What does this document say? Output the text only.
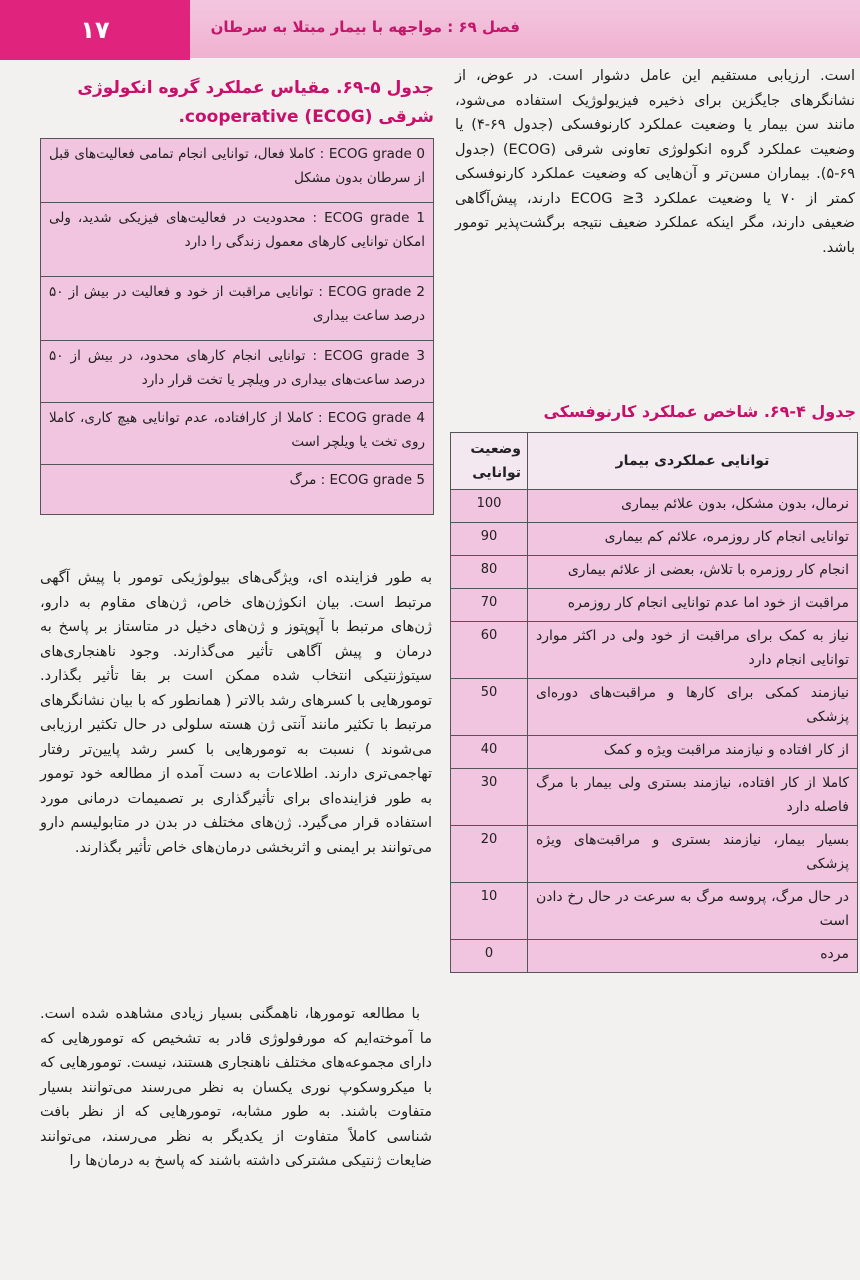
فصل ۶۹ : مواجهه با بیمار مبتلا به سرطان
۱۷
است. ارزیابی مستقیم این عامل دشوار است. در عوض، از نشانگرهای جایگزین برای ذخیره فیزیولوژیک استفاده می‌شود، مانند سن بیمار یا وضعیت عملکرد کارنوفسکی (جدول ۶۹-۴) یا وضعیت عملکرد گروه انکولوژی تعاونی شرقی (ECOG) (جدول ۶۹-۵). بیماران مسن‌تر و آن‌هایی که وضعیت عملکرد کارنوفسکی کمتر از ۷۰ یا وضعیت عملکرد ECOG ≥3 دارند، پیش‌آگاهی ضعیفی دارند، مگر اینکه عملکرد ضعیف نتیجه برگشت‌پذیر تومور باشد.
جدول ۵-۶۹. مقیاس عملکرد گروه انکولوژی
شرقی (ECOG) cooperative.
ECOG grade 0 : کاملا فعال، توانایی انجام تمامی فعالیت‌های قبل از سرطان بدون مشکل
ECOG grade 1 : محدودیت در فعالیت‌های فیزیکی شدید، ولی امکان توانایی کارهای معمول زندگی را دارد
ECOG grade 2 : توانایی مراقبت از خود و فعالیت در بیش از ۵۰ درصد ساعت بیداری
ECOG grade 3 : توانایی انجام کارهای محدود، در بیش از ۵۰ درصد ساعت‌های بیداری در ویلچر یا تخت قرار دارد
ECOG grade 4 : کاملا از کارافتاده، عدم توانایی هیچ کاری، کاملا روی تخت یا ویلچر است
ECOG grade 5 : مرگ
جدول ۴-۶۹. شاخص عملکرد کارنوفسکی
وضعیت توانایی	توانایی عملکردی بیمار
100	نرمال، بدون مشکل، بدون علائم بیماری
90	توانایی انجام کار روزمره، علائم کم بیماری
80	انجام کار روزمره با تلاش، بعضی از علائم بیماری
70	مراقبت از خود اما عدم توانایی انجام کار روزمره
60	نیاز به کمک برای مراقبت از خود ولی در اکثر موارد توانایی انجام دارد
50	نیازمند کمکی برای کارها و مراقبت‌های دوره‌ای پزشکی
40	از کار افتاده و نیازمند مراقبت ویژه و کمک
30	کاملا از کار افتاده، نیازمند بستری ولی بیمار با مرگ فاصله دارد
20	بسیار بیمار، نیازمند بستری و مراقبت‌های ویژه پزشکی
10	در حال مرگ، پروسه مرگ به سرعت در حال رخ دادن است
0	مرده
به طور فزاینده ای، ویژگی‌های بیولوژیکی تومور با پیش آگهی مرتبط است. بیان انکوژن‌های خاص، ژن‌های مقاوم به دارو، ژن‌های مرتبط با آپوپتوز و ژن‌های دخیل در متاستاز بر پاسخ به درمان و پیش آگاهی تأثیر می‌گذارند. وجود ناهنجاری‌های سیتوژنتیکی انتخاب شده ممکن است بر بقا تأثیر بگذارد. تومورهایی با کسرهای رشد بالاتر ( همانطور که با بیان نشانگرهای مرتبط با تکثیر مانند آنتی ژن هسته سلولی در حال تکثیر ارزیابی می‌شوند ) نسبت به تومورهایی با کسر رشد پایین‌تر رفتار تهاجمی‌تری دارند. اطلاعات به دست آمده از مطالعه خود تومور به طور فزاینده‌ای برای تأثیرگذاری بر تصمیمات درمانی مورد استفاده قرار می‌گیرد. ژن‌های مختلف در بدن در متابولیسم دارو می‌توانند بر ایمنی و اثربخشی درمان‌های خاص تأثیر بگذارند.
با مطالعه تومورها، ناهمگنی بسیار زیادی مشاهده شده است. ما آموخته‌ایم که مورفولوژی قادر به تشخیص که تومورهایی که دارای مجموعه‌های مختلف ناهنجاری هستند، نیست. تومورهایی که با میکروسکوپ نوری یکسان به نظر می‌رسند می‌توانند بسیار متفاوت باشند. به طور مشابه، تومورهایی که از نظر بافت شناسی کاملاً متفاوت از یکدیگر به نظر می‌رسند، می‌توانند ضایعات ژنتیکی مشترکی داشته باشند که پاسخ به درمان‌ها را
